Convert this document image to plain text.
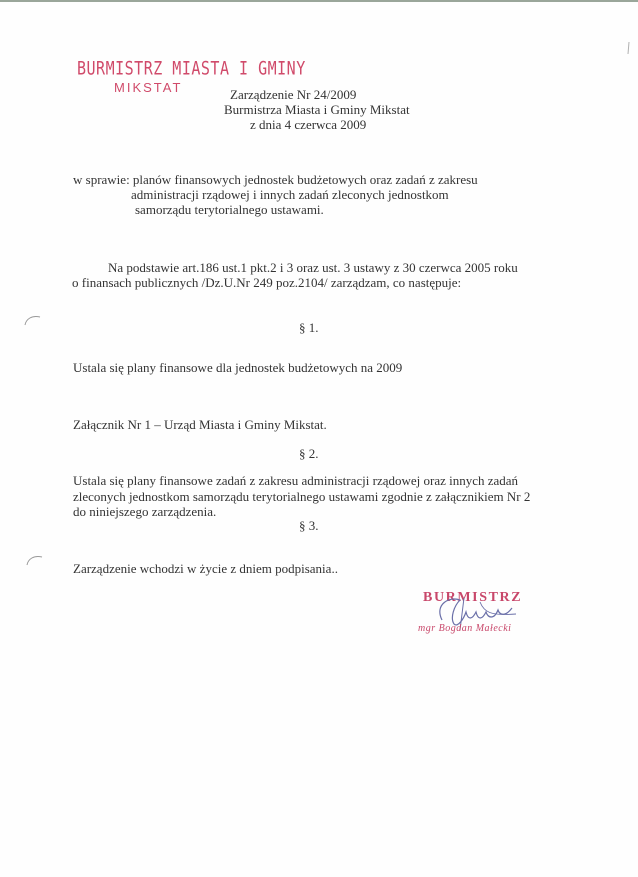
BURMISTRZ MIASTA I GMINY
MIKSTAT	Zarządzenie Nr 24/2009
Burmistrza Miasta i Gminy Mikstat
z dnia 4 czerwca 2009
w sprawie: planów finansowych jednostek budżetowych oraz zadań z zakresu
administracji rządowej i innych zadań zleconych jednostkom
samorządu terytorialnego ustawami.
Na podstawie art.186 ust.1 pkt.2 i 3 oraz ust. 3 ustawy z 30 czerwca 2005 roku
o finansach publicznych /Dz.U.Nr 249 poz.2104/ zarządzam, co następuje:
§ 1.
Ustala się plany finansowe dla jednostek budżetowych na 2009
Załącznik Nr 1 – Urząd Miasta i Gminy Mikstat.
§ 2.
Ustala się plany finansowe zadań z zakresu administracji rządowej oraz innych zadań
zleconych jednostkom samorządu terytorialnego ustawami zgodnie z załącznikiem Nr 2
do niniejszego zarządzenia.
§ 3.
Zarządzenie wchodzi w życie z dniem podpisania..
BURMISTRZ
mgr Bogdan Małecki
